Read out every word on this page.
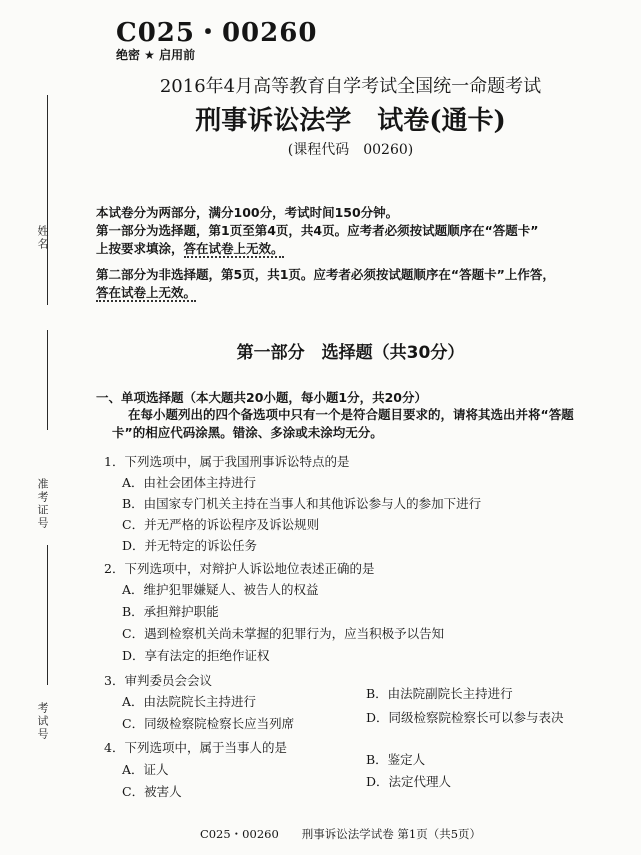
姓名
准考证号
考试号
C025・00260
绝密 ★ 启用前
2016年4月高等教育自学考试全国统一命题考试
刑事诉讼法学　试卷(通卡)
(课程代码　00260)
本试卷分为两部分，满分100分，考试时间150分钟。
第一部分为选择题，第1页至第4页，共4页。应考者必须按试题顺序在“答题卡”
上按要求填涂，答在试卷上无效。
第二部分为非选择题，第5页，共1页。应考者必须按试题顺序在“答题卡”上作答，
答在试卷上无效。
第一部分　选择题（共30分）
一、单项选择题（本大题共20小题，每小题1分，共20分）
在每小题列出的四个备选项中只有一个是符合题目要求的，请将其选出并将“答题
卡”的相应代码涂黑。错涂、多涂或未涂均无分。
1．下列选项中，属于我国刑事诉讼特点的是
A．由社会团体主持进行
B．由国家专门机关主持在当事人和其他诉讼参与人的参加下进行
C．并无严格的诉讼程序及诉讼规则
D．并无特定的诉讼任务
2．下列选项中，对辩护人诉讼地位表述正确的是
A．维护犯罪嫌疑人、被告人的权益
B．承担辩护职能
C．遇到检察机关尚未掌握的犯罪行为，应当积极予以告知
D．享有法定的拒绝作证权
3．审判委员会会议
A．由法院院长主持进行
B．由法院副院长主持进行
C．同级检察院检察长应当列席	D．同级检察院检察长可以参与表决
4．下列选项中，属于当事人的是
A．证人
B．鉴定人
C．被害人
D．法定代理人
C025・00260　　刑事诉讼法学试卷 第1页（共5页）
